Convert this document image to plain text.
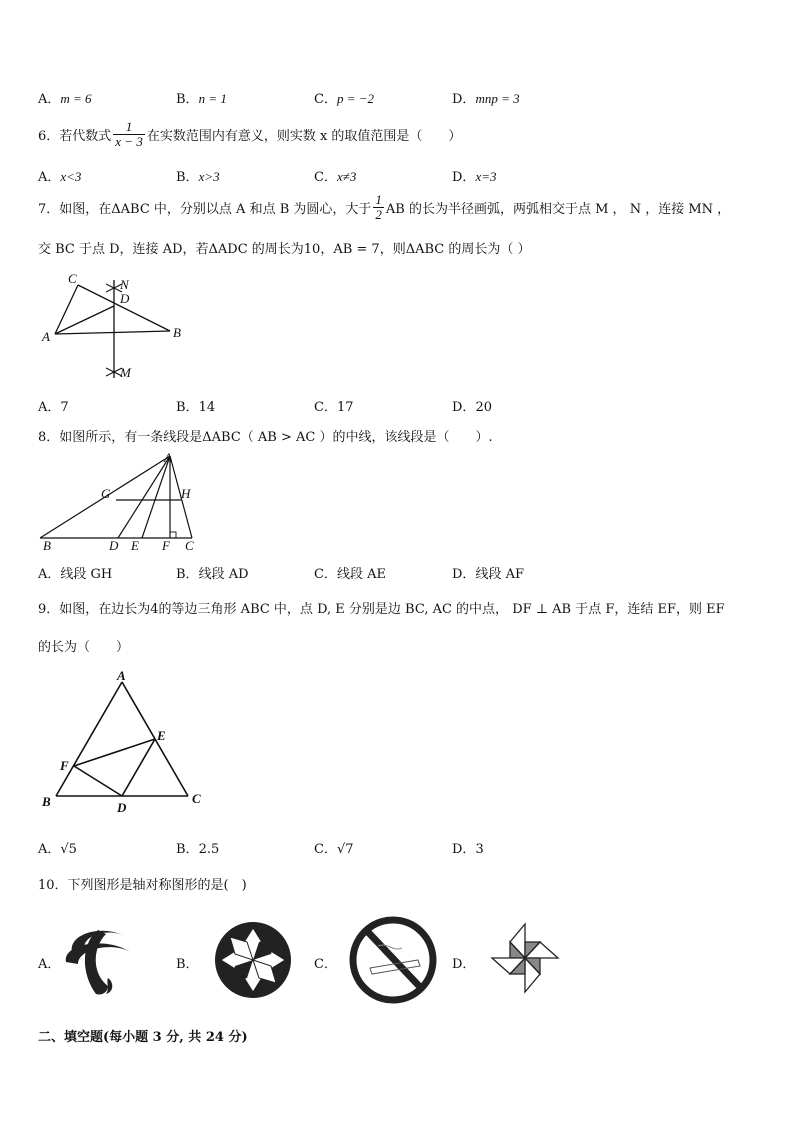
A．m = 6	B．n = 1	C．p = −2	D．mnp = 3
6．若代数式 $\frac{1}{x - 3}$ 在实数范围内有意义，则实数 x 的取值范围是（　　）
A．x<3	B．x>3	C．x≠3	D．x=3
7．如图，在ΔABC 中，分别以点 A 和点 B 为圆心，大于 $\frac{1}{2}$ AB 的长为半径画弧，两弧相交于点 M ， N ，连接 MN ，
交 BC 于点 D，连接 AD，若ΔADC 的周长为10，AB = 7，则ΔABC 的周长为（ ）
C	N
D
A	B
M
A．7	B．14	C．17	D．20
8．如图所示，有一条线段是ΔABC（ AB > AC ）的中线，该线段是（　　）.
A
G	H
B	D E F C
A．线段 GH	B．线段 AD	C．线段 AE	D．线段 AF
9．如图，在边长为4的等边三角形 ABC 中，点 D, E 分别是边 BC, AC 的中点， DF ⊥ AB 于点 F，连结 EF，则 EF
的长为（　　）
A
E
F
B	D
C
A．√5	B．2.5	C．√7	D．3
10．下列图形是轴对称图形的是(　)
A．	B．	C．	D．
二、填空题(每小题 3 分, 共 24 分)
